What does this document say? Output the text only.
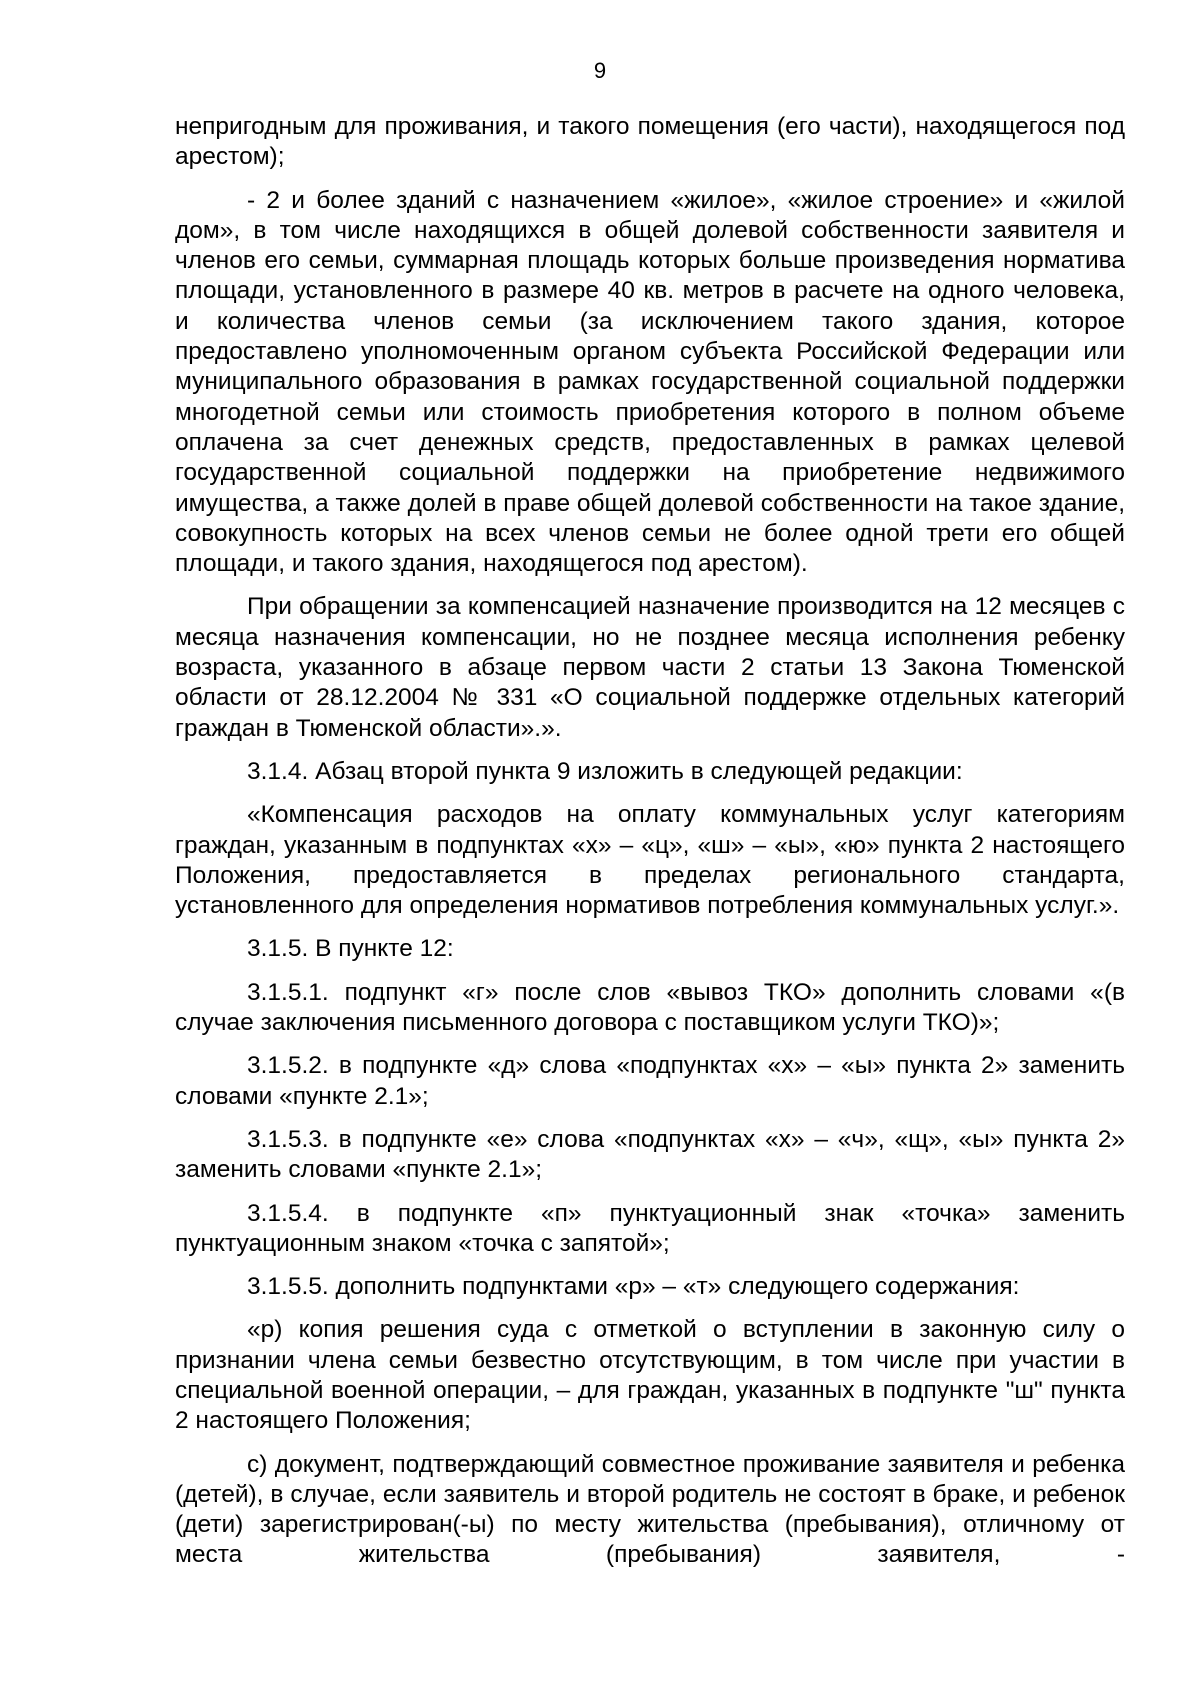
9

непригодным для проживания, и такого помещения (его части), находящегося под арестом);

- 2 и более зданий с назначением «жилое», «жилое строение» и «жилой дом», в том числе находящихся в общей долевой собственности заявителя и членов его семьи, суммарная площадь которых больше произведения норматива площади, установленного в размере 40 кв. метров в расчете на одного человека, и количества членов семьи (за исключением такого здания, которое предоставлено уполномоченным органом субъекта Российской Федерации или муниципального образования в рамках государственной социальной поддержки многодетной семьи или стоимость приобретения которого в полном объеме оплачена за счет денежных средств, предоставленных в рамках целевой государственной социальной поддержки на приобретение недвижимого имущества, а также долей в праве общей долевой собственности на такое здание, совокупность которых на всех членов семьи не более одной трети его общей площади, и такого здания, находящегося под арестом).

При обращении за компенсацией назначение производится на 12 месяцев с месяца назначения компенсации, но не позднее месяца исполнения ребенку возраста, указанного в абзаце первом части 2 статьи 13 Закона Тюменской области от 28.12.2004 № 331 «О социальной поддержке отдельных категорий граждан в Тюменской области».».

3.1.4. Абзац второй пункта 9 изложить в следующей редакции:

«Компенсация расходов на оплату коммунальных услуг категориям граждан, указанным в подпунктах «х» – «ц», «ш» – «ы», «ю» пункта 2 настоящего Положения, предоставляется в пределах регионального стандарта, установленного для определения нормативов потребления коммунальных услуг.».

3.1.5. В пункте 12:

3.1.5.1. подпункт «г» после слов «вывоз ТКО» дополнить словами «(в случае заключения письменного договора с поставщиком услуги ТКО)»;

3.1.5.2. в подпункте «д» слова «подпунктах «х» – «ы» пункта 2» заменить словами «пункте 2.1»;

3.1.5.3. в подпункте «е» слова «подпунктах «х» – «ч», «щ», «ы» пункта 2» заменить словами «пункте 2.1»;

3.1.5.4. в подпункте «п» пунктуационный знак «точка» заменить пунктуационным знаком «точка с запятой»;

3.1.5.5. дополнить подпунктами «р» – «т» следующего содержания:

«р) копия решения суда с отметкой о вступлении в законную силу о признании члена семьи безвестно отсутствующим, в том числе при участии в специальной военной операции, – для граждан, указанных в подпункте "ш" пункта 2 настоящего Положения;

с) документ, подтверждающий совместное проживание заявителя и ребенка (детей), в случае, если заявитель и второй родитель не состоят в браке, и ребенок (дети) зарегистрирован(-ы) по месту жительства (пребывания), отличному от места жительства (пребывания) заявителя, -
